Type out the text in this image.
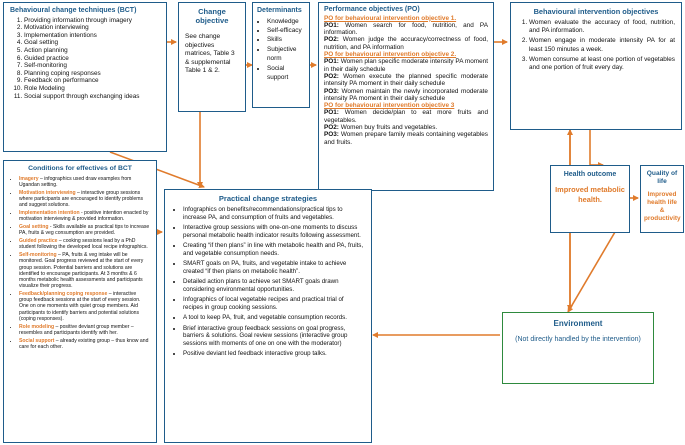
Behavioural change techniques (BCT)
1. Providing information through imagery
2. Motivation interviewing
3. Implementation intentions
4. Goal setting
5. Action planning
6. Guided practice
7. Self-monitoring
8. Planning coping responses
9. Feedback on performance
10. Role Modeling
11. Social support through exchanging ideas
Change objective
See change objectives matrices, Table 3 & supplemental Table 1 & 2.
Determinants
• Knowledge
• Self-efficacy
• Skills
• Subjective norm
• Social support
Performance objectives (PO)
PO for behavioural intervention objective 1.
PO1: Women search for food, nutrition, and PA information.
PO2: Women judge the accuracy/correctness of food, nutrition, and PA information
PO for behavioural intervention objective 2.
PO1: Women plan specific moderate intensity PA moment in their daily schedule
PO2: Women execute the planned specific moderate intensity PA moment in their daily schedule
PO3: Women maintain the newly incorporated moderate intensity PA moment in their daily schedule
PO for behavioural intervention objective 3
PO1: Women decide/plan to eat more fruits and vegetables.
PO2: Women buy fruits and vegetables.
PO3: Women prepare family meals containing vegetables and fruits.
Behavioural intervention objectives
1. Women evaluate the accuracy of food, nutrition, and PA information.
2. Women engage in moderate intensity PA for at least 150 minutes a week.
3. Women consume at least one portion of vegetables and one portion of fruit every day.
Health outcome
Improved metabolic health.
Quality of life
Improved health life & productivity
Environment
(Not directly handled by the intervention)
Conditions for effectives of BCT
• Imagery – infographics used draw examples from Ugandan setting.
• Motivation interviewing – interactive group sessions where participants are encouraged to identify problems and suggest solutions.
• Implementation intention - positive intention enacted by motivation interviewing & provided information.
• Goal setting - Skills available as practical tips to increase PA, fruits & veg consumption are provided.
• Guided practice – cooking sessions lead by a PhD student following the developed local recipe infographics.
• Self-monitoring – PA, fruits & veg intake will be monitored. Goal progress reviewed at the start of every group session. Potential barriers and solutions are identified to encourage participants. At 3 months & 6 months metabolic health assessments and participants visualize their progress.
• Feedback/planning coping response – interactive group feedback sessions at the start of every session. One on one moments with quiet group members. Aid participants to identify barriers and potential solutions (coping responses).
• Role modeling – positive deviant group member – resembles and participants identify with her.
• Social support – already existing group – thus know and care for each other.
Practical change strategies
• Infographics on benefits/recommendations/practical tips to increase PA, and consumption of fruits and vegetables.
• Interactive group sessions with one-on-one moments to discuss personal metabolic health indicator results following assessment.
• Creating “if then plans” in line with metabolic health and PA, fruits, and vegetable consumption needs.
• SMART goals on PA, fruits, and vegetable intake to achieve created “if then plans on metabolic health”.
• Detailed action plans to achieve set SMART goals drawn considering environmental opportunities.
• Infographics of local vegetable recipes and practical trial of recipes in group cooking sessions.
• A tool to keep PA, fruit, and vegetable consumption records.
• Brief interactive group feedback sessions on goal progress, barriers & solutions. Goal review sessions (interactive group sessions with moments of one on one with the moderator)
• Positive deviant led feedback interactive group talks.
